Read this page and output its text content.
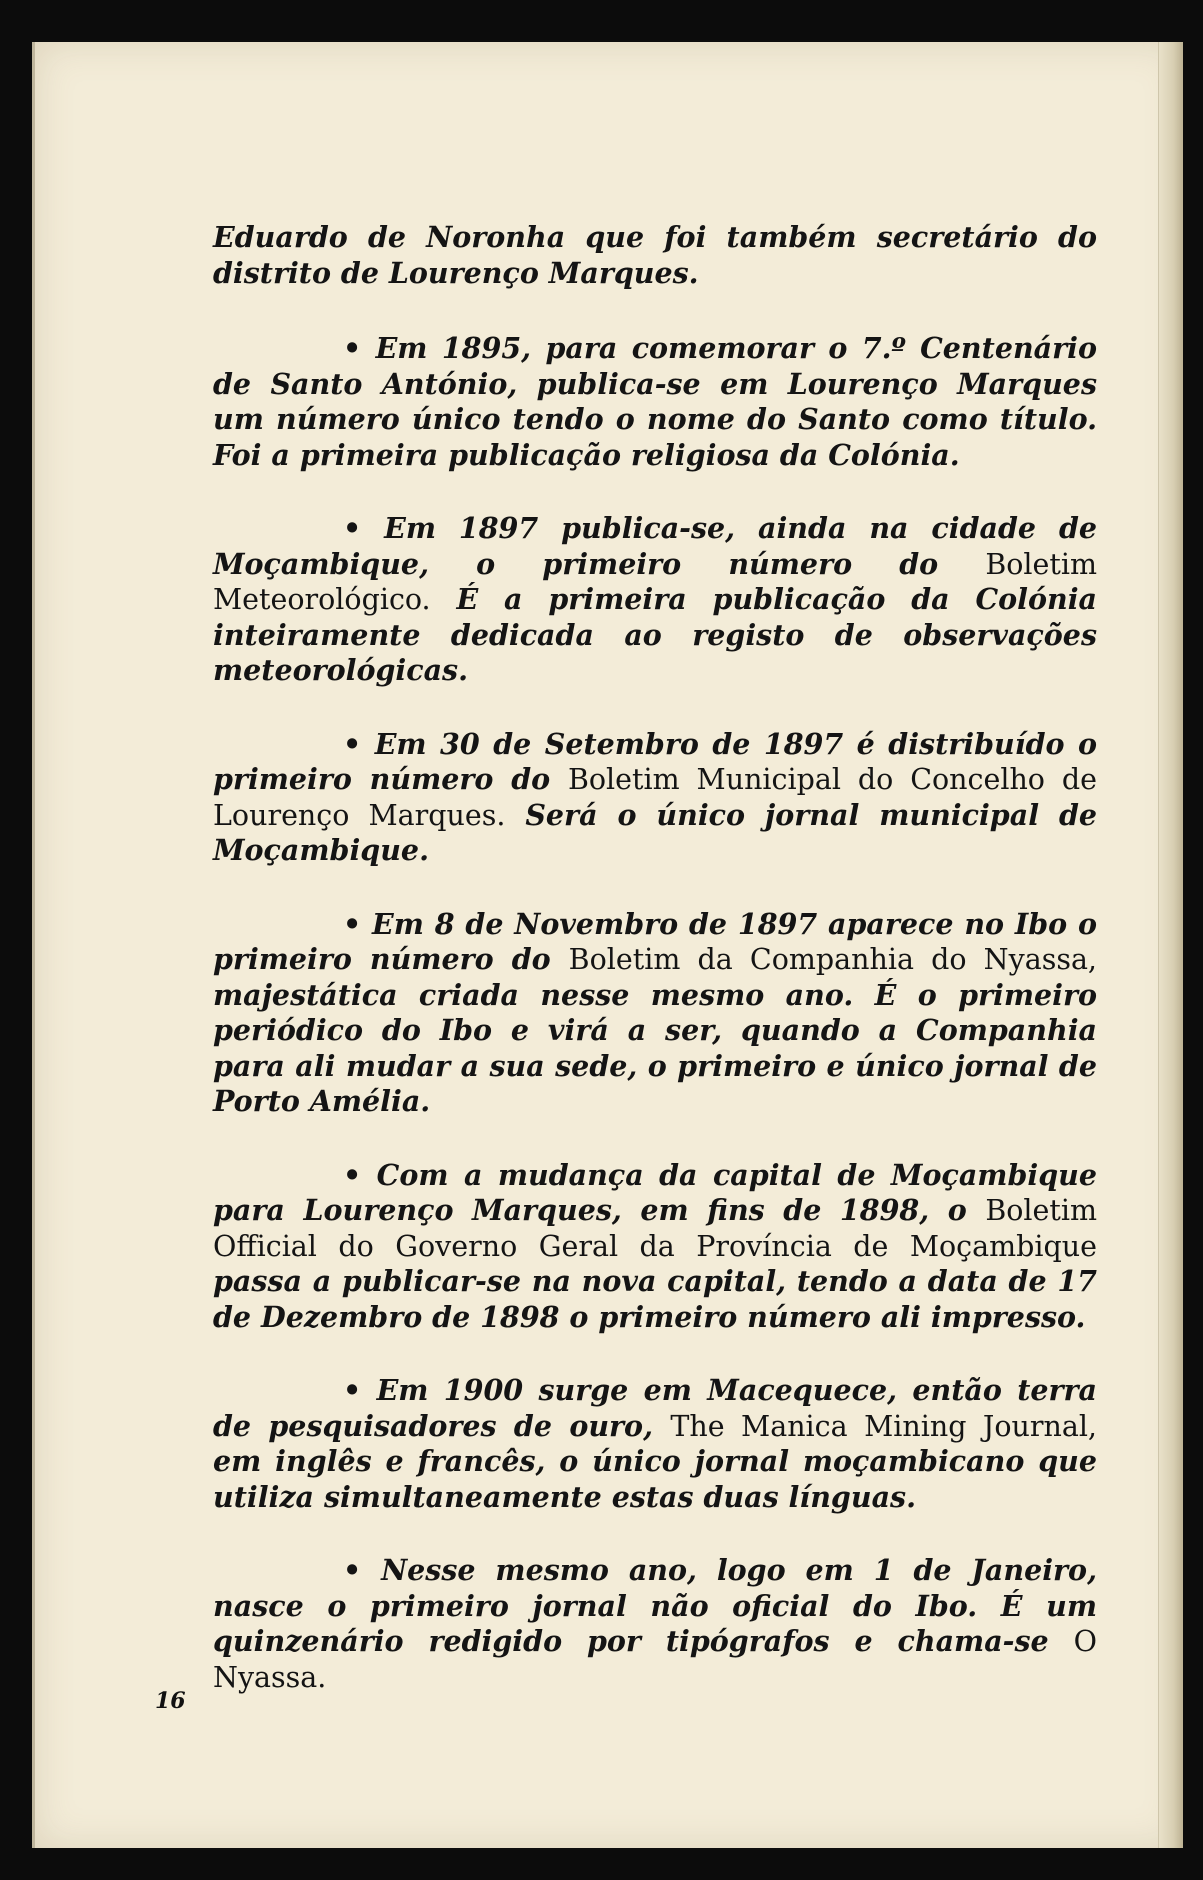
Eduardo de Noronha que foi também secretário do distrito de Lourenço Marques.

• Em 1895, para comemorar o 7.º Centenário de Santo António, publica-se em Lourenço Marques um número único tendo o nome do Santo como título. Foi a primeira publicação religiosa da Colónia.

• Em 1897 publica-se, ainda na cidade de Moçambique, o primeiro número do Boletim Meteorológico. É a primeira publicação da Colónia inteiramente dedicada ao registo de observações meteorológicas.

• Em 30 de Setembro de 1897 é distribuído o primeiro número do Boletim Municipal do Concelho de Lourenço Marques. Será o único jornal municipal de Moçambique.

• Em 8 de Novembro de 1897 aparece no Ibo o primeiro número do Boletim da Companhia do Nyassa, majestática criada nesse mesmo ano. É o primeiro periódico do Ibo e virá a ser, quando a Companhia para ali mudar a sua sede, o primeiro e único jornal de Porto Amélia.

• Com a mudança da capital de Moçambique para Lourenço Marques, em fins de 1898, o Boletim Official do Governo Geral da Província de Moçambique passa a publicar-se na nova capital, tendo a data de 17 de Dezembro de 1898 o primeiro número ali impresso.

• Em 1900 surge em Macequece, então terra de pesquisadores de ouro, The Manica Mining Journal, em inglês e francês, o único jornal moçambicano que utiliza simultaneamente estas duas línguas.

• Nesse mesmo ano, logo em 1 de Janeiro, nasce o primeiro jornal não oficial do Ibo. É um quinzenário redigido por tipógrafos e chama-se O Nyassa.

16
